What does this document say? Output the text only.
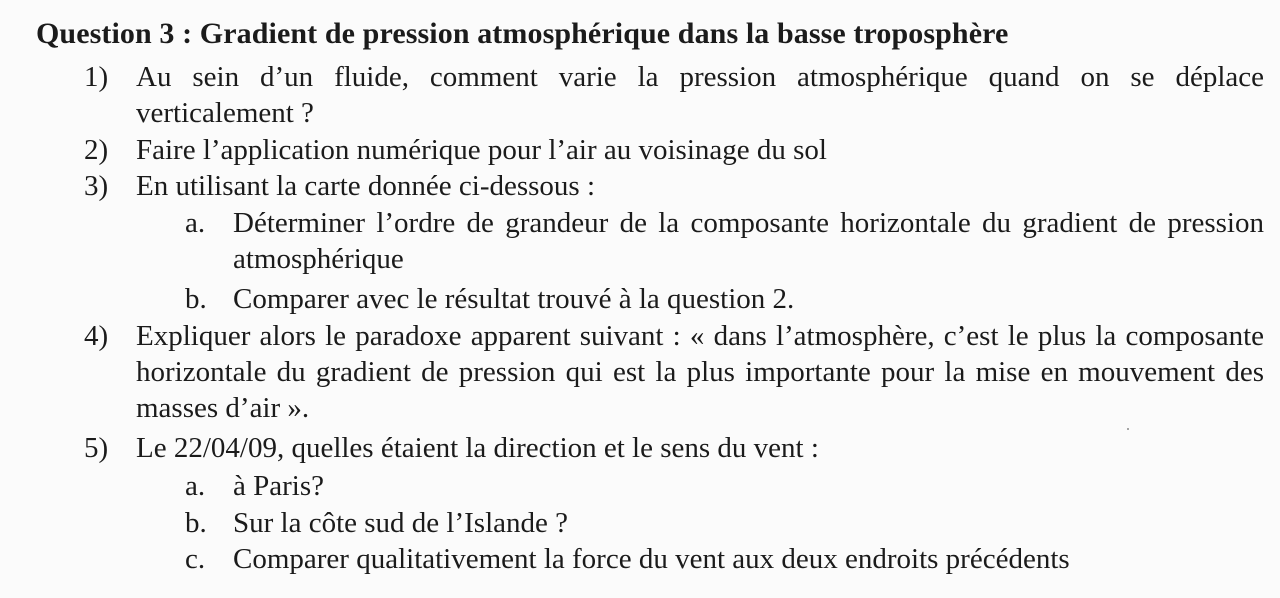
Question 3 : Gradient de pression atmosphérique dans la basse troposphère
1) Au sein d’un fluide, comment varie la pression atmosphérique quand on se déplace verticalement ?
2) Faire l’application numérique pour l’air au voisinage du sol
3) En utilisant la carte donnée ci-dessous :
a. Déterminer l’ordre de grandeur de la composante horizontale du gradient de pression atmosphérique
b. Comparer avec le résultat trouvé à la question 2.
4) Expliquer alors le paradoxe apparent suivant : « dans l’atmosphère, c’est le plus la composante horizontale du gradient de pression qui est la plus importante pour la mise en mouvement des masses d’air ».
5) Le 22/04/09, quelles étaient la direction et le sens du vent :
a. à Paris?
b. Sur la côte sud de l’Islande ?
c. Comparer qualitativement la force du vent aux deux endroits précédents
